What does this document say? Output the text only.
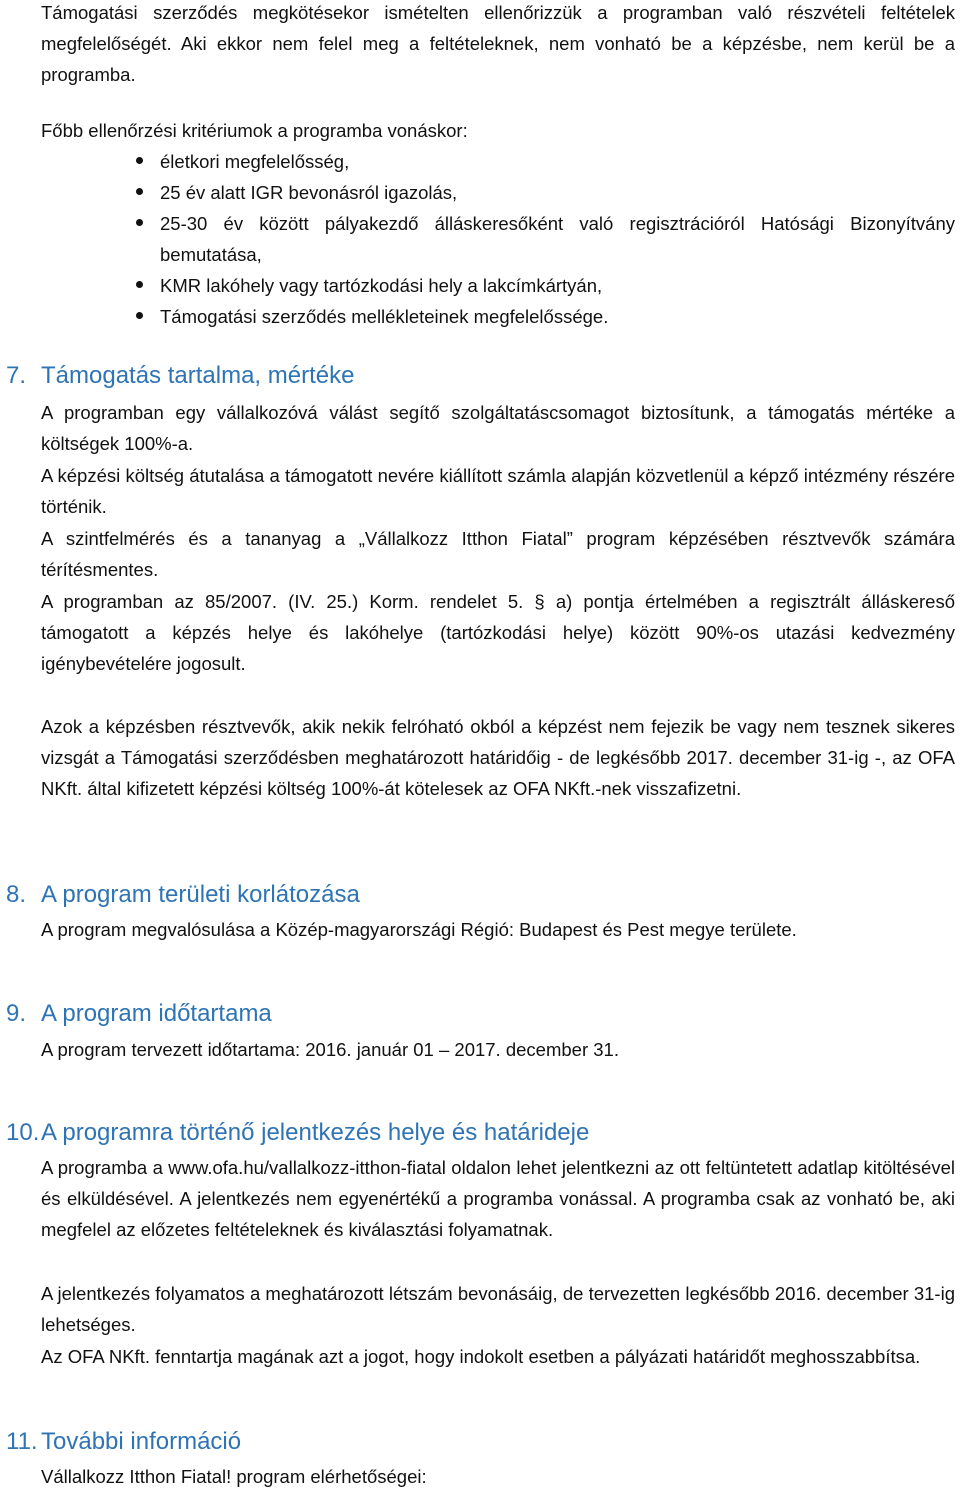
Támogatási szerződés megkötésekor ismételten ellenőrizzük a programban való részvételi feltételek megfelelőségét. Aki ekkor nem felel meg a feltételeknek, nem vonható be a képzésbe, nem kerül be a programba.

Főbb ellenőrzési kritériumok a programba vonáskor:

életkori megfelelősség,
25 év alatt IGR bevonásról igazolás,
25-30 év között pályakezdő álláskeresőként való regisztrációról Hatósági Bizonyítvány bemutatása,
KMR lakóhely vagy tartózkodási hely a lakcímkártyán,
Támogatási szerződés mellékleteinek megfelelőssége.
7. Támogatás tartalma, mértéke

A programban egy vállalkozóvá válást segítő szolgáltatáscsomagot biztosítunk, a támogatás mértéke a költségek 100%-a.

A képzési költség átutalása a támogatott nevére kiállított számla alapján közvetlenül a képző intézmény részére történik.

A szintfelmérés és a tananyag a „Vállalkozz Itthon Fiatal” program képzésében résztvevők számára térítésmentes.

A programban az 85/2007. (IV. 25.) Korm. rendelet 5. § a) pontja értelmében a regisztrált álláskereső támogatott a képzés helye és lakóhelye (tartózkodási helye) között 90%-os utazási kedvezmény igénybevételére jogosult.

Azok a képzésben résztvevők, akik nekik felróható okból a képzést nem fejezik be vagy nem tesznek sikeres vizsgát a Támogatási szerződésben meghatározott határidőig - de legkésőbb 2017. december 31-ig -, az OFA NKft. által kifizetett képzési költség 100%-át kötelesek az OFA NKft.-nek visszafizetni.

8. A program területi korlátozása

A program megvalósulása a Közép-magyarországi Régió: Budapest és Pest megye területe.

9. A program időtartama

A program tervezett időtartama: 2016. január 01 – 2017. december 31.

10. A programra történő jelentkezés helye és határideje

A programba a www.ofa.hu/vallalkozz-itthon-fiatal oldalon lehet jelentkezni az ott feltüntetett adatlap kitöltésével és elküldésével. A jelentkezés nem egyenértékű a programba vonással. A programba csak az vonható be, aki megfelel az előzetes feltételeknek és kiválasztási folyamatnak.

A jelentkezés folyamatos a meghatározott létszám bevonásáig, de tervezetten legkésőbb 2016. december 31-ig lehetséges.

Az OFA NKft. fenntartja magának azt a jogot, hogy indokolt esetben a pályázati határidőt meghosszabbítsa.

11. További információ

Vállalkozz Itthon Fiatal! program elérhetőségei:
